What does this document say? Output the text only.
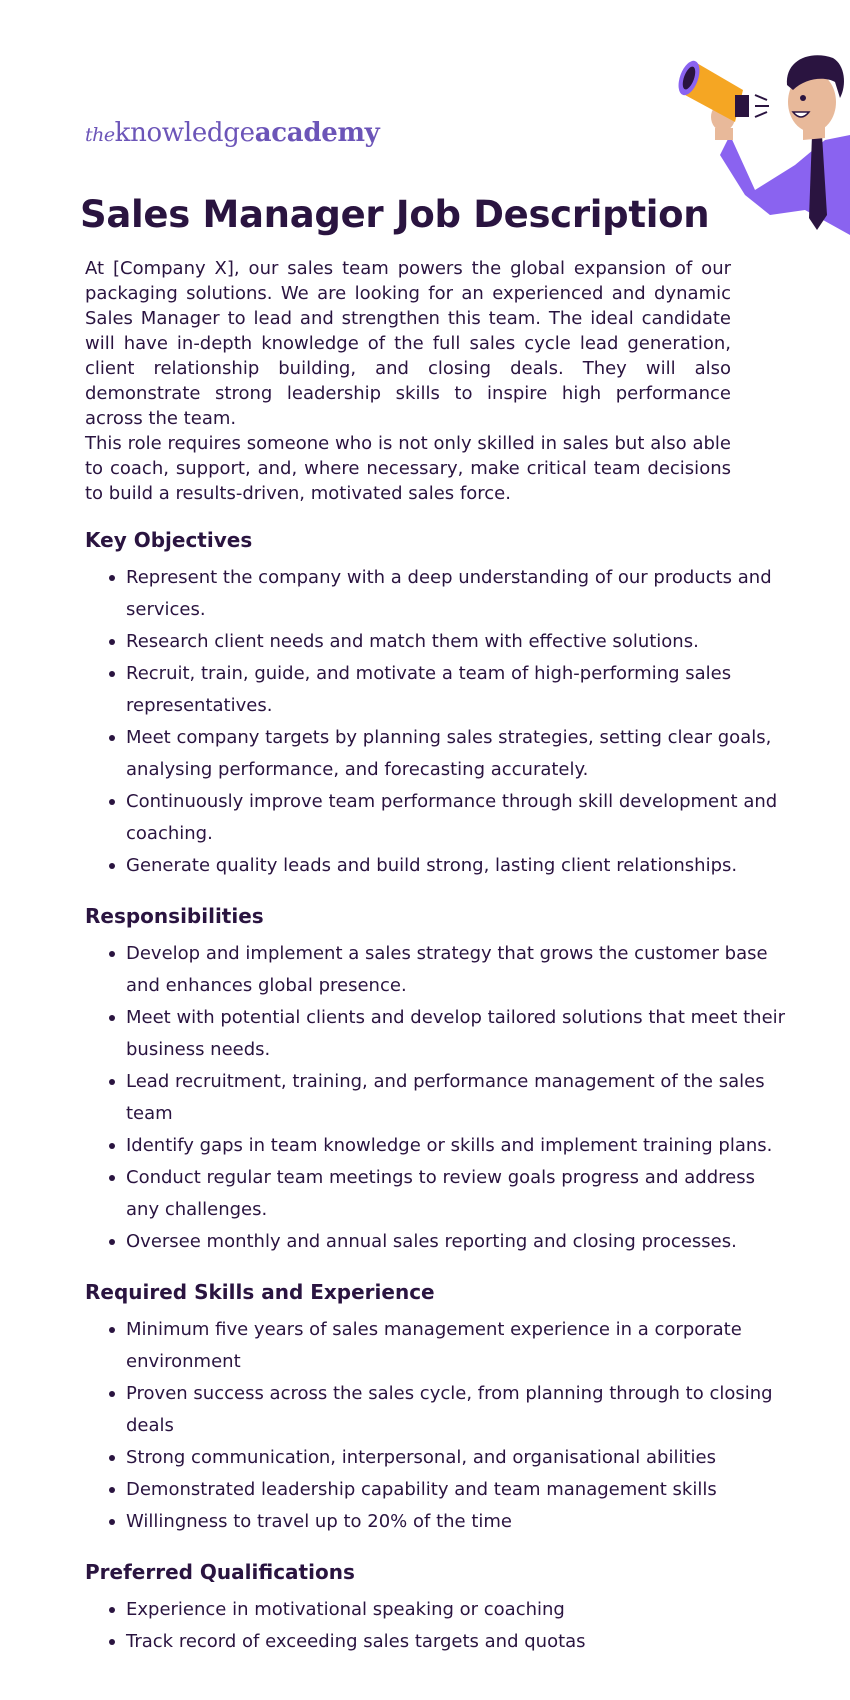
theknowledgeacademy
Sales Manager Job Description

At [Company X], our sales team powers the global expansion of our packaging solutions. We are looking for an experienced and dynamic Sales Manager to lead and strengthen this team. The ideal candidate will have in-depth knowledge of the full sales cycle lead generation, client relationship building, and closing deals. They will also demonstrate strong leadership skills to inspire high performance across the team.

This role requires someone who is not only skilled in sales but also able to coach, support, and, where necessary, make critical team decisions to build a results-driven, motivated sales force.

Key Objectives
Represent the company with a deep understanding of our products and services.
Research client needs and match them with effective solutions.
Recruit, train, guide, and motivate a team of high-performing sales representatives.
Meet company targets by planning sales strategies, setting clear goals, analysing performance, and forecasting accurately.
Continuously improve team performance through skill development and coaching.
Generate quality leads and build strong, lasting client relationships.
Responsibilities
Develop and implement a sales strategy that grows the customer base and enhances global presence.
Meet with potential clients and develop tailored solutions that meet their business needs.
Lead recruitment, training, and performance management of the sales team
Identify gaps in team knowledge or skills and implement training plans.
Conduct regular team meetings to review goals progress and address any challenges.
Oversee monthly and annual sales reporting and closing processes.
Required Skills and Experience
Minimum five years of sales management experience in a corporate environment
Proven success across the sales cycle, from planning through to closing deals
Strong communication, interpersonal, and organisational abilities
Demonstrated leadership capability and team management skills
Willingness to travel up to 20% of the time
Preferred Qualifications
Experience in motivational speaking or coaching
Track record of exceeding sales targets and quotas
